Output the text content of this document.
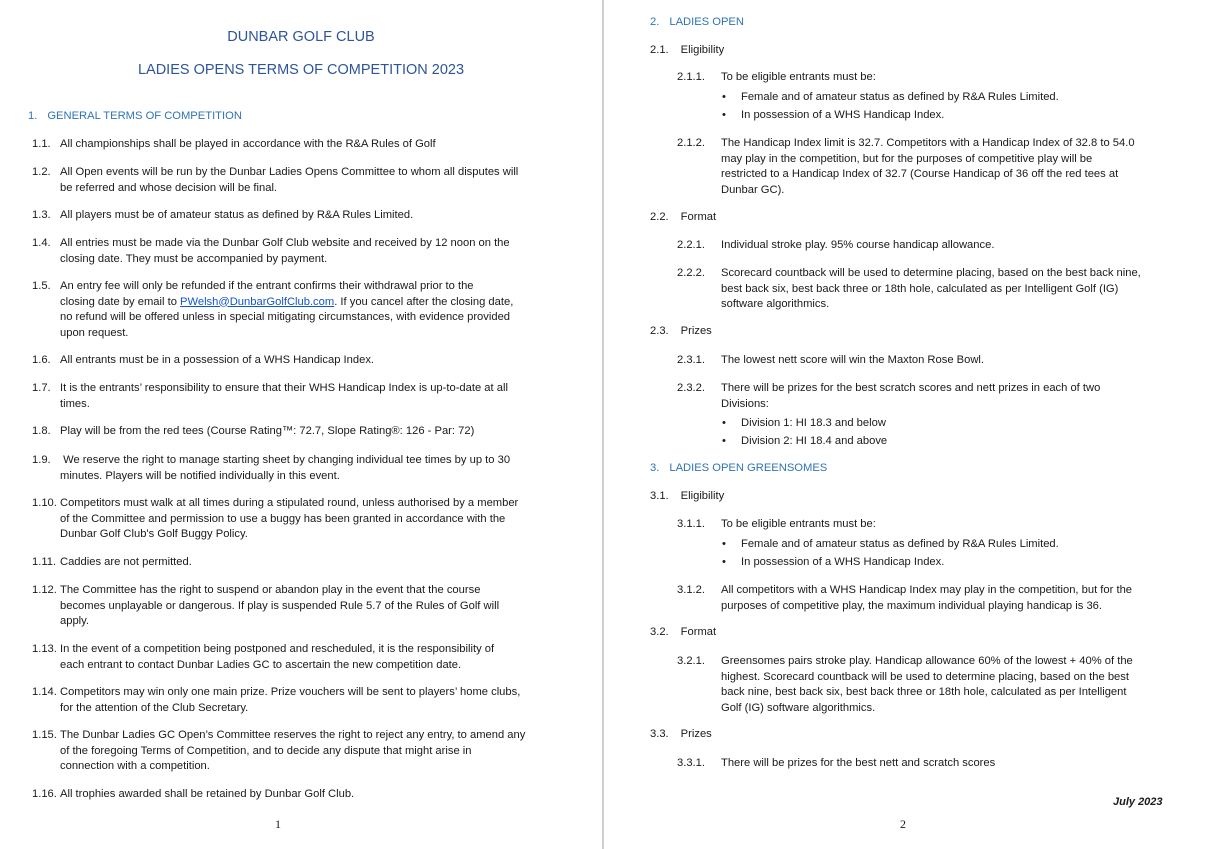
DUNBAR GOLF CLUB
LADIES OPENS TERMS OF COMPETITION 2023
1. GENERAL TERMS OF COMPETITION
1.1. All championships shall be played in accordance with the R&A Rules of Golf
1.2. All Open events will be run by the Dunbar Ladies Opens Committee to whom all disputes will
be referred and whose decision will be final.
1.3. All players must be of amateur status as defined by R&A Rules Limited.
1.4. All entries must be made via the Dunbar Golf Club website and received by 12 noon on the
closing date. They must be accompanied by payment.
1.5. An entry fee will only be refunded if the entrant confirms their withdrawal prior to the
closing date by email to PWelsh@DunbarGolfClub.com. If you cancel after the closing date,
no refund will be offered unless in special mitigating circumstances, with evidence provided
upon request.
1.6. All entrants must be in a possession of a WHS Handicap Index.
1.7. It is the entrants’ responsibility to ensure that their WHS Handicap Index is up-to-date at all
times.
1.8. Play will be from the red tees (Course Rating™: 72.7, Slope Rating®: 126 - Par: 72)
1.9. We reserve the right to manage starting sheet by changing individual tee times by up to 30
minutes. Players will be notified individually in this event.
1.10. Competitors must walk at all times during a stipulated round, unless authorised by a member
of the Committee and permission to use a buggy has been granted in accordance with the
Dunbar Golf Club's Golf Buggy Policy.
1.11. Caddies are not permitted.
1.12. The Committee has the right to suspend or abandon play in the event that the course
becomes unplayable or dangerous. If play is suspended Rule 5.7 of the Rules of Golf will
apply.
1.13. In the event of a competition being postponed and rescheduled, it is the responsibility of
each entrant to contact Dunbar Ladies GC to ascertain the new competition date.
1.14. Competitors may win only one main prize. Prize vouchers will be sent to players’ home clubs,
for the attention of the Club Secretary.
1.15. The Dunbar Ladies GC Open’s Committee reserves the right to reject any entry, to amend any
of the foregoing Terms of Competition, and to decide any dispute that might arise in
connection with a competition.
1.16. All trophies awarded shall be retained by Dunbar Golf Club.
1
2. LADIES OPEN
2.1. Eligibility
2.1.1. To be eligible entrants must be:
• Female and of amateur status as defined by R&A Rules Limited.
• In possession of a WHS Handicap Index.
2.1.2. The Handicap Index limit is 32.7. Competitors with a Handicap Index of 32.8 to 54.0
may play in the competition, but for the purposes of competitive play will be
restricted to a Handicap Index of 32.7 (Course Handicap of 36 off the red tees at
Dunbar GC).
2.2. Format
2.2.1. Individual stroke play. 95% course handicap allowance.
2.2.2. Scorecard countback will be used to determine placing, based on the best back nine,
best back six, best back three or 18th hole, calculated as per Intelligent Golf (IG)
software algorithmics.
2.3. Prizes
2.3.1. The lowest nett score will win the Maxton Rose Bowl.
2.3.2. There will be prizes for the best scratch scores and nett prizes in each of two
Divisions:
• Division 1: HI 18.3 and below
• Division 2: HI 18.4 and above
3. LADIES OPEN GREENSOMES
3.1. Eligibility
3.1.1. To be eligible entrants must be:
• Female and of amateur status as defined by R&A Rules Limited.
• In possession of a WHS Handicap Index.
3.1.2. All competitors with a WHS Handicap Index may play in the competition, but for the
purposes of competitive play, the maximum individual playing handicap is 36.
3.2. Format
3.2.1. Greensomes pairs stroke play. Handicap allowance 60% of the lowest + 40% of the
highest. Scorecard countback will be used to determine placing, based on the best
back nine, best back six, best back three or 18th hole, calculated as per Intelligent
Golf (IG) software algorithmics.
3.3. Prizes
3.3.1. There will be prizes for the best nett and scratch scores
July 2023
2
